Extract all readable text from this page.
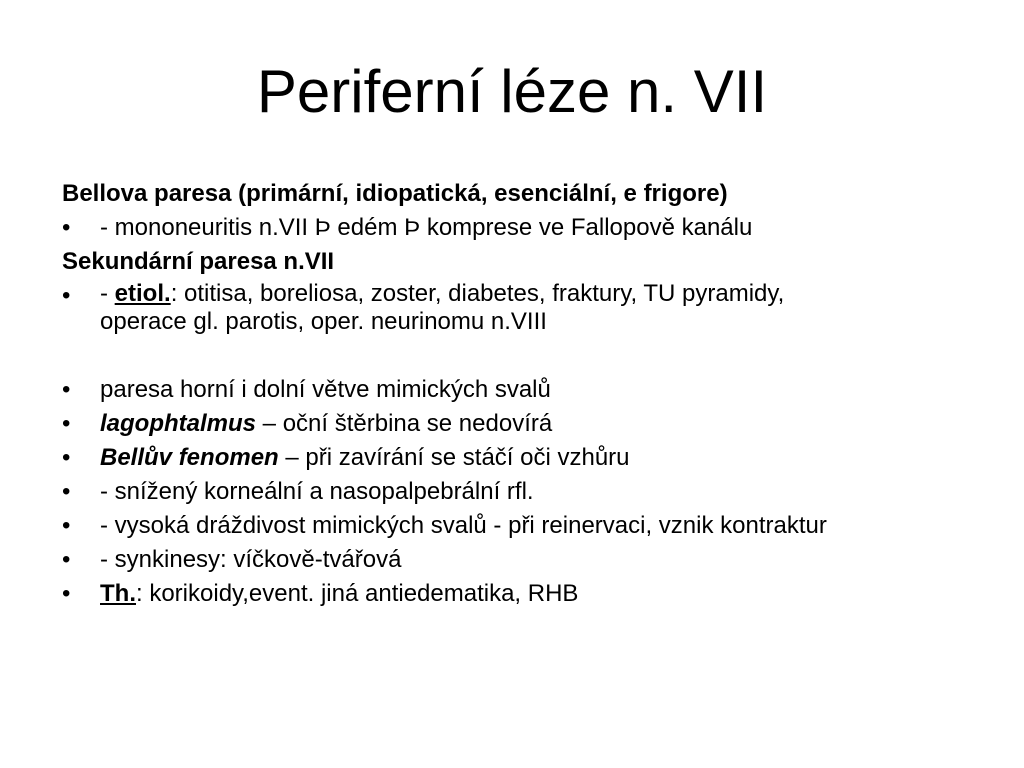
Periferní léze n. VII

Bellova paresa (primární, idiopatická, esenciální, e frigore)

•	- mononeuritis n.VII Þ edém Þ komprese ve Fallopově kanálu

Sekundární paresa n.VII

•	- etiol.: otitisa, boreliosa, zoster, diabetes, fraktury, TU pyramidy,
operace gl. parotis, oper. neurinomu n.VIII
•	paresa horní i dolní větve mimických svalů
•	lagophtalmus – oční štěrbina se nedovírá
•	Bellův fenomen – při zavírání se stáčí oči vzhůru
•	- snížený korneální a nasopalpebrální rfl.
•	- vysoká dráždivost mimických svalů - při reinervaci, vznik kontraktur
•	- synkinesy: víčkově-tvářová
•	Th.: korikoidy,event. jiná antiedematika, RHB
